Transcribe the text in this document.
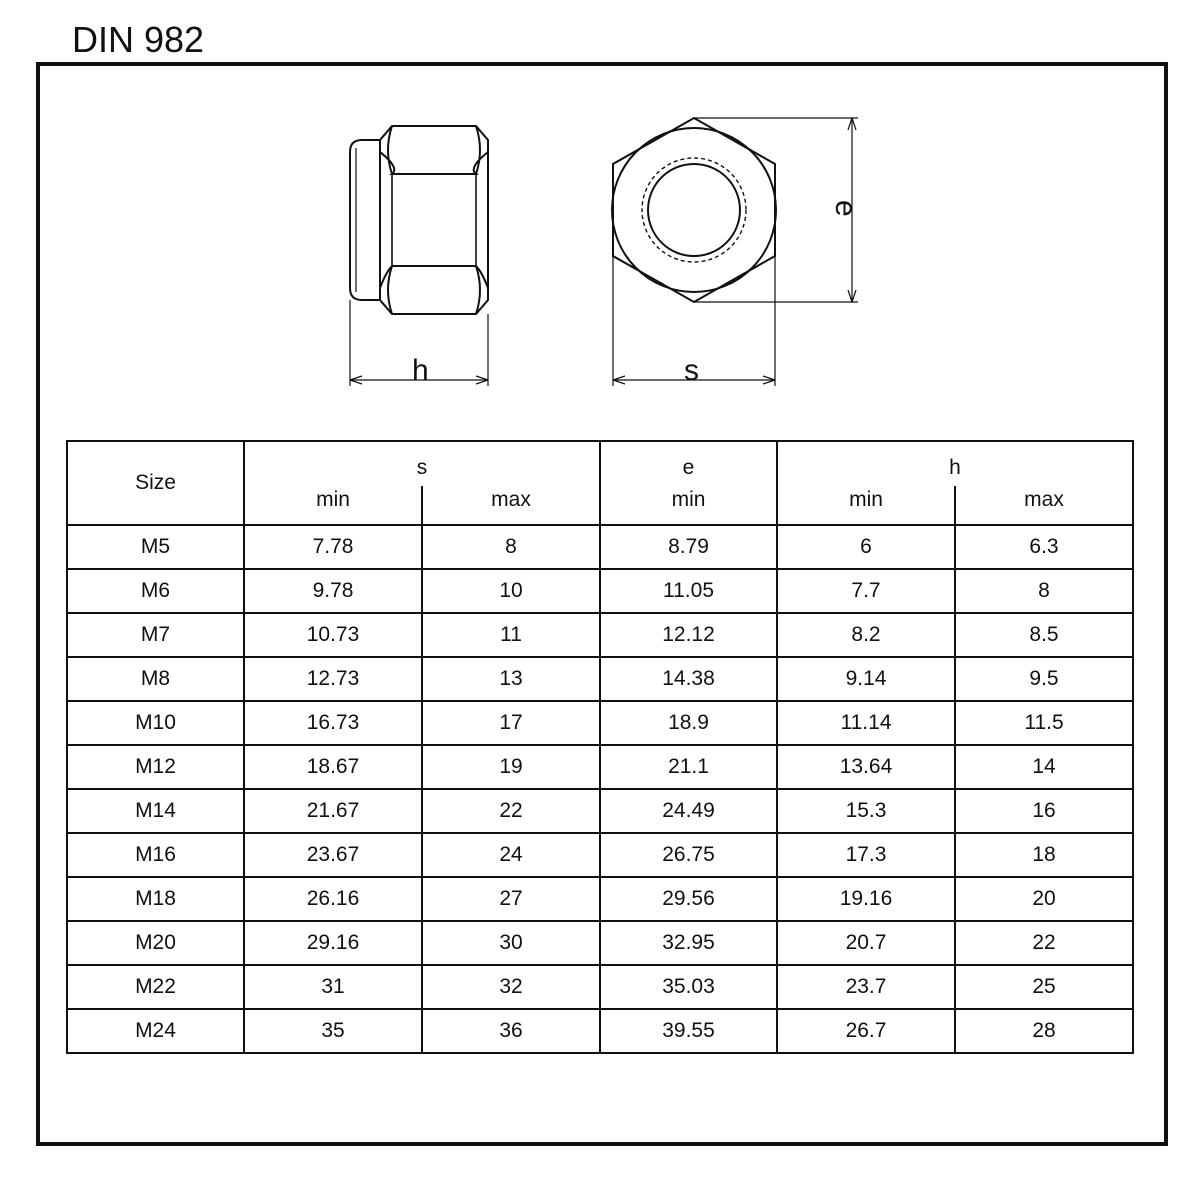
DIN 982
h	s
e
Size	s		e	h	
	min	max	min	min	max
M5	7.78	8	8.79	6	6.3
M6	9.78	10	11.05	7.7	8
M7	10.73	11	12.12	8.2	8.5
M8	12.73	13	14.38	9.14	9.5
M10	16.73	17	18.9	11.14	11.5
M12	18.67	19	21.1	13.64	14
M14	21.67	22	24.49	15.3	16
M16	23.67	24	26.75	17.3	18
M18	26.16	27	29.56	19.16	20
M20	29.16	30	32.95	20.7	22
M22	31	32	35.03	23.7	25
M24	35	36	39.55	26.7	28
